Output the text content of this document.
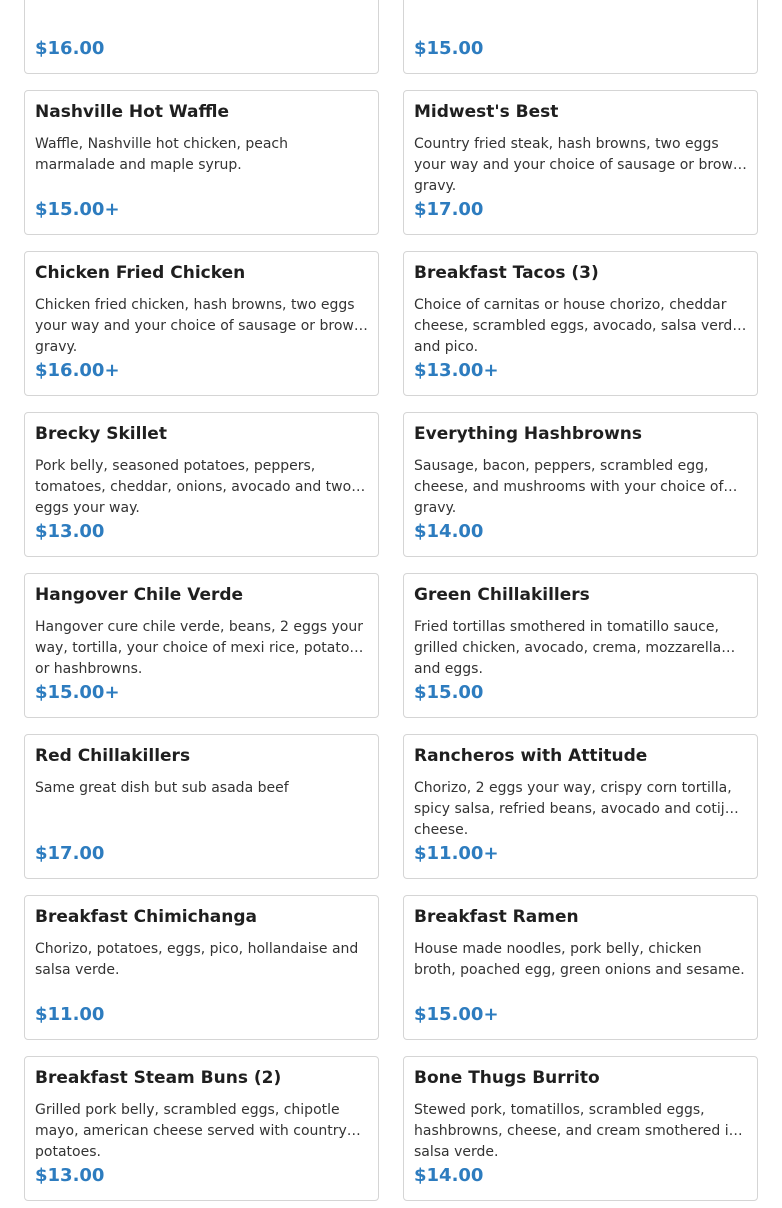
$16.00	$15.00
Nashville Hot Waffle
Waffle, Nashville hot chicken, peach marmalade and maple syrup.
$15.00+
Midwest's Best
Country fried steak, hash browns, two eggs your way and your choice of sausage or brown gravy.
$17.00
Chicken Fried Chicken
Chicken fried chicken, hash browns, two eggs your way and your choice of sausage or brown gravy.
$16.00+
Breakfast Tacos (3)
Choice of carnitas or house chorizo, cheddar cheese, scrambled eggs, avocado, salsa verde and pico.
$13.00+
Brecky Skillet
Pork belly, seasoned potatoes, peppers, tomatoes, cheddar, onions, avocado and two eggs your way.
$13.00
Everything Hashbrowns
Sausage, bacon, peppers, scrambled egg, cheese, and mushrooms with your choice of gravy.
$14.00
Hangover Chile Verde
Hangover cure chile verde, beans, 2 eggs your way, tortilla, your choice of mexi rice, potatoes or hashbrowns.
$15.00+
Green Chillakillers
Fried tortillas smothered in tomatillo sauce, grilled chicken, avocado, crema, mozzarella and eggs.
$15.00
Red Chillakillers
Same great dish but sub asada beef
$17.00
Rancheros with Attitude
Chorizo, 2 eggs your way, crispy corn tortilla, spicy salsa, refried beans, avocado and cotija cheese.
$11.00+
Breakfast Chimichanga
Chorizo, potatoes, eggs, pico, hollandaise and salsa verde.
$11.00
Breakfast Ramen
House made noodles, pork belly, chicken broth, poached egg, green onions and sesame.
$15.00+
Breakfast Steam Buns (2)
Grilled pork belly, scrambled eggs, chipotle mayo, american cheese served with country potatoes.
$13.00
Bone Thugs Burrito
Stewed pork, tomatillos, scrambled eggs, hashbrowns, cheese, and cream smothered in salsa verde.
$14.00
